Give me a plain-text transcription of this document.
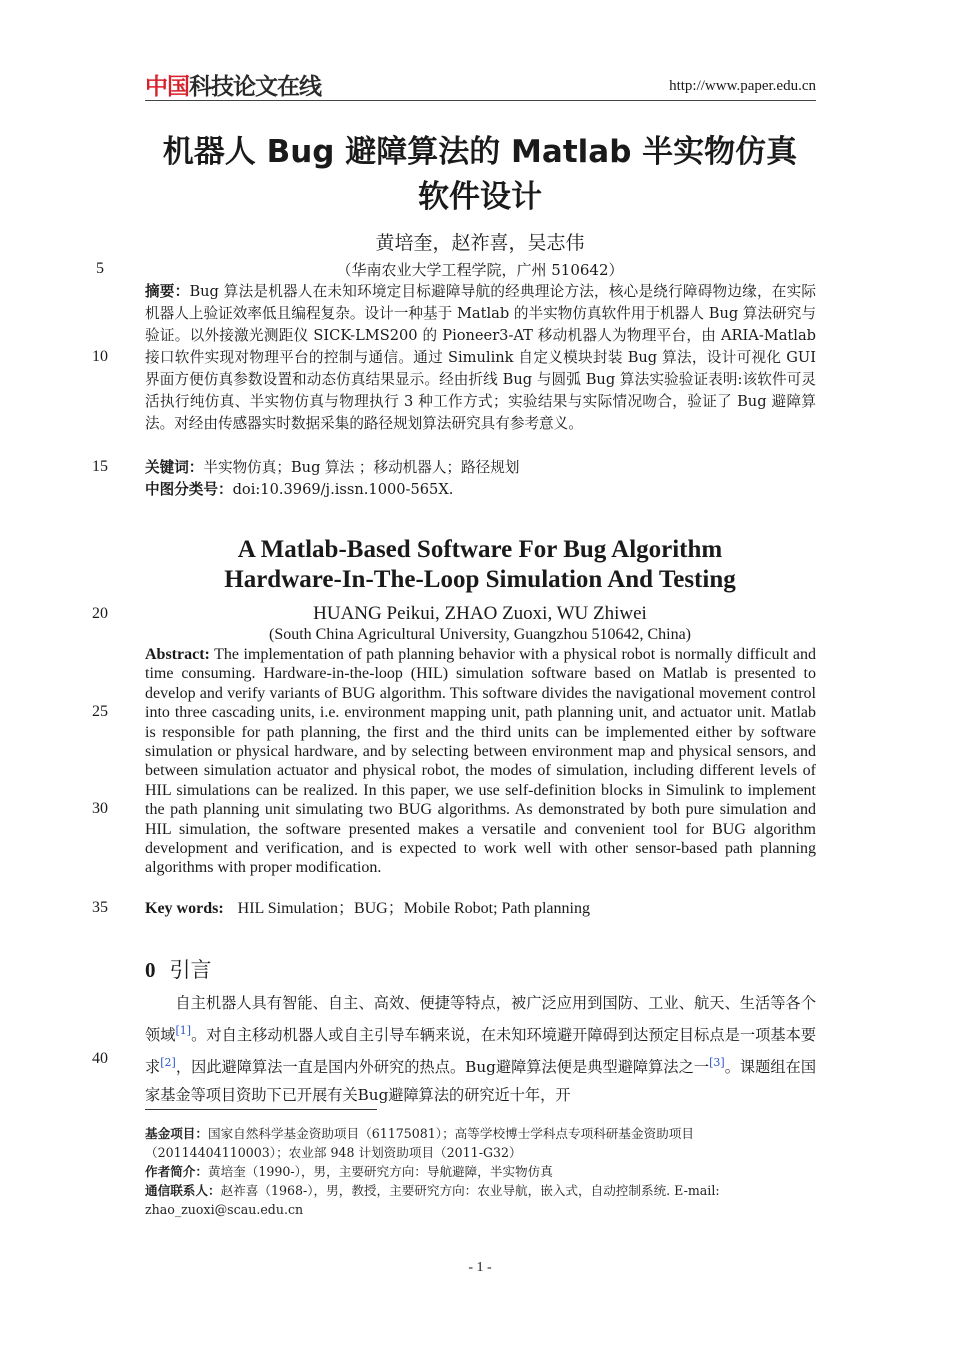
中国科技论文在线	http://www.paper.edu.cn
机器人 Bug 避障算法的 Matlab 半实物仿真
软件设计
黄培奎，赵祚喜，吴志伟
（华南农业大学工程学院，广州 510642）
5
10
15
20
25
30
35
40
摘要：Bug 算法是机器人在未知环境定目标避障导航的经典理论方法，核心是绕行障碍物边缘，在实际机器人上验证效率低且编程复杂。设计一种基于 Matlab 的半实物仿真软件用于机器人 Bug 算法研究与验证。以外接激光测距仪 SICK-LMS200 的 Pioneer3-AT 移动机器人为物理平台，由 ARIA-Matlab 接口软件实现对物理平台的控制与通信。通过 Simulink 自定义模块封装 Bug 算法，设计可视化 GUI 界面方便仿真参数设置和动态仿真结果显示。经由折线 Bug 与圆弧 Bug 算法实验验证表明:该软件可灵活执行纯仿真、半实物仿真与物理执行 3 种工作方式；实验结果与实际情况吻合，验证了 Bug 避障算法。对经由传感器实时数据采集的路径规划算法研究具有参考意义。
关键词：半实物仿真；Bug 算法 ；移动机器人；路径规划
中图分类号：doi:10.3969/j.issn.1000-565X.
A Matlab-Based Software For Bug Algorithm
Hardware-In-The-Loop Simulation And Testing
HUANG Peikui, ZHAO Zuoxi, WU Zhiwei
(South China Agricultural University, Guangzhou 510642, China)
Abstract: The implementation of path planning behavior with a physical robot is normally difficult and time consuming. Hardware-in-the-loop (HIL) simulation software based on Matlab is presented to develop and verify variants of BUG algorithm. This software divides the navigational movement control into three cascading units, i.e. environment mapping unit, path planning unit, and actuator unit. Matlab is responsible for path planning, the first and the third units can be implemented either by software simulation or physical hardware, and by selecting between environment map and physical sensors, and between simulation actuator and physical robot, the modes of simulation, including different levels of HIL simulations can be realized. In this paper, we use self-definition blocks in Simulink to implement the path planning unit simulating two BUG algorithms. As demonstrated by both pure simulation and HIL simulation, the software presented makes a versatile and convenient tool for BUG algorithm development and verification, and is expected to work well with other sensor-based path planning algorithms with proper modification.
Key words: HIL Simulation；BUG；Mobile Robot; Path planning
0 引言
自主机器人具有智能、自主、高效、便捷等特点，被广泛应用到国防、工业、航天、生活等各个领域[1]。对自主移动机器人或自主引导车辆来说，在未知环境避开障碍到达预定目标点是一项基本要求[2]，因此避障算法一直是国内外研究的热点。Bug避障算法便是典型避障算法之一[3]。课题组在国家基金等项目资助下已开展有关Bug避障算法的研究近十年，开
基金项目：国家自然科学基金资助项目（61175081）；高等学校博士学科点专项科研基金资助项目（20114404110003）；农业部 948 计划资助项目（2011-G32）
作者简介：黄培奎（1990-），男，主要研究方向：导航避障，半实物仿真
通信联系人：赵祚喜（1968-），男，教授，主要研究方向：农业导航，嵌入式，自动控制系统. E-mail: zhao_zuoxi@scau.edu.cn
- 1 -
